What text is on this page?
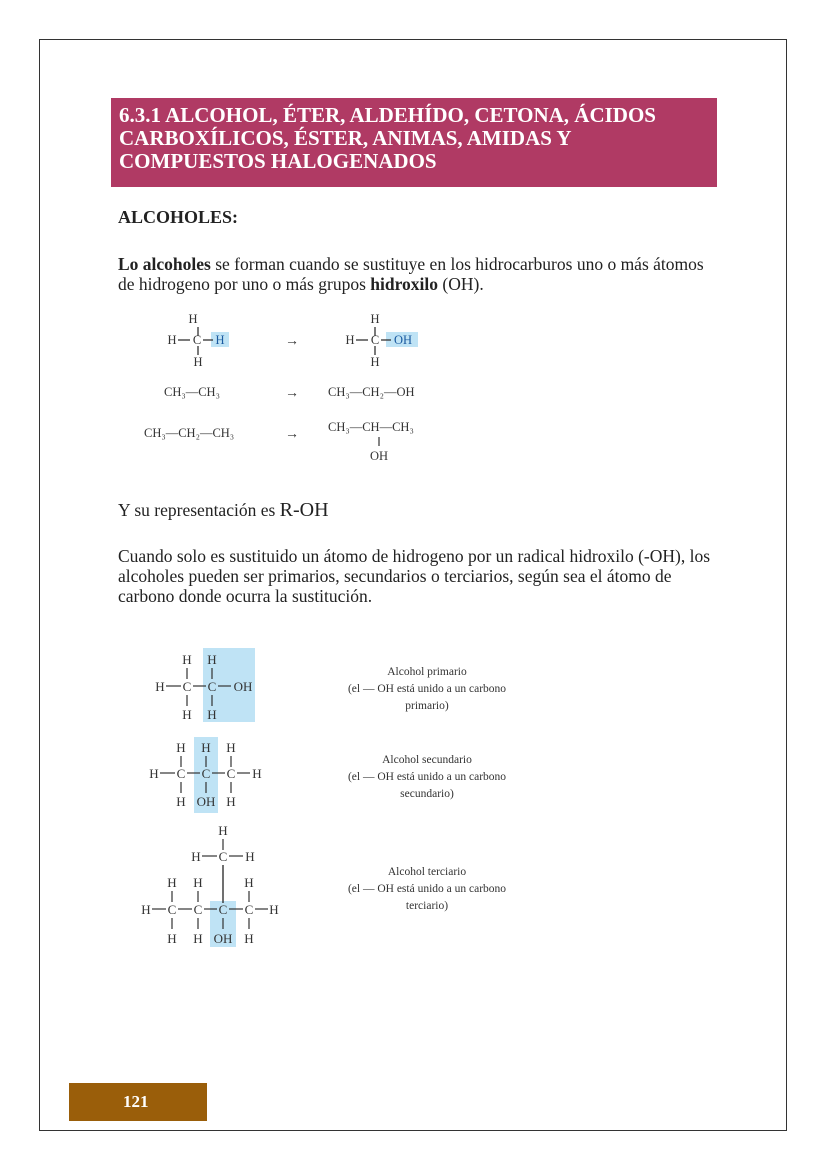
6.3.1 ALCOHOL, ÉTER, ALDEHÍDO, CETONA, ÁCIDOS CARBOXÍLICOS, ÉSTER, ANIMAS, AMIDAS Y COMPUESTOS HALOGENADOS
ALCOHOLES:
Lo alcoholes se forman cuando se sustituye en los hidrocarburos uno o más átomos de hidrogeno por uno o más grupos hidroxilo (OH).
Y su representación es R-OH
Cuando solo es sustituido un átomo de hidrogeno por un radical hidroxilo (-OH), los alcoholes pueden ser primarios, secundarios o terciarios, según sea el átomo de carbono donde ocurra la sustitución.
H
H C H
H
→
H
H C OH
H
CH₃—CH₃	→ CH₃—CH₂—OH
CH₃—CH₂—CH₃	→ CH₃—CH—CH₃
OH
H H
H C C OH
H H
Alcohol primario
(el — OH está unido a un carbono
primario)
H H H
H C C C H
H OH H
Alcohol secundario
(el — OH está unido a un carbono
secundario)
H
H C H
H H	H
H C C C C H
H H OH H
Alcohol terciario
(el — OH está unido a un carbono
terciario)
121
